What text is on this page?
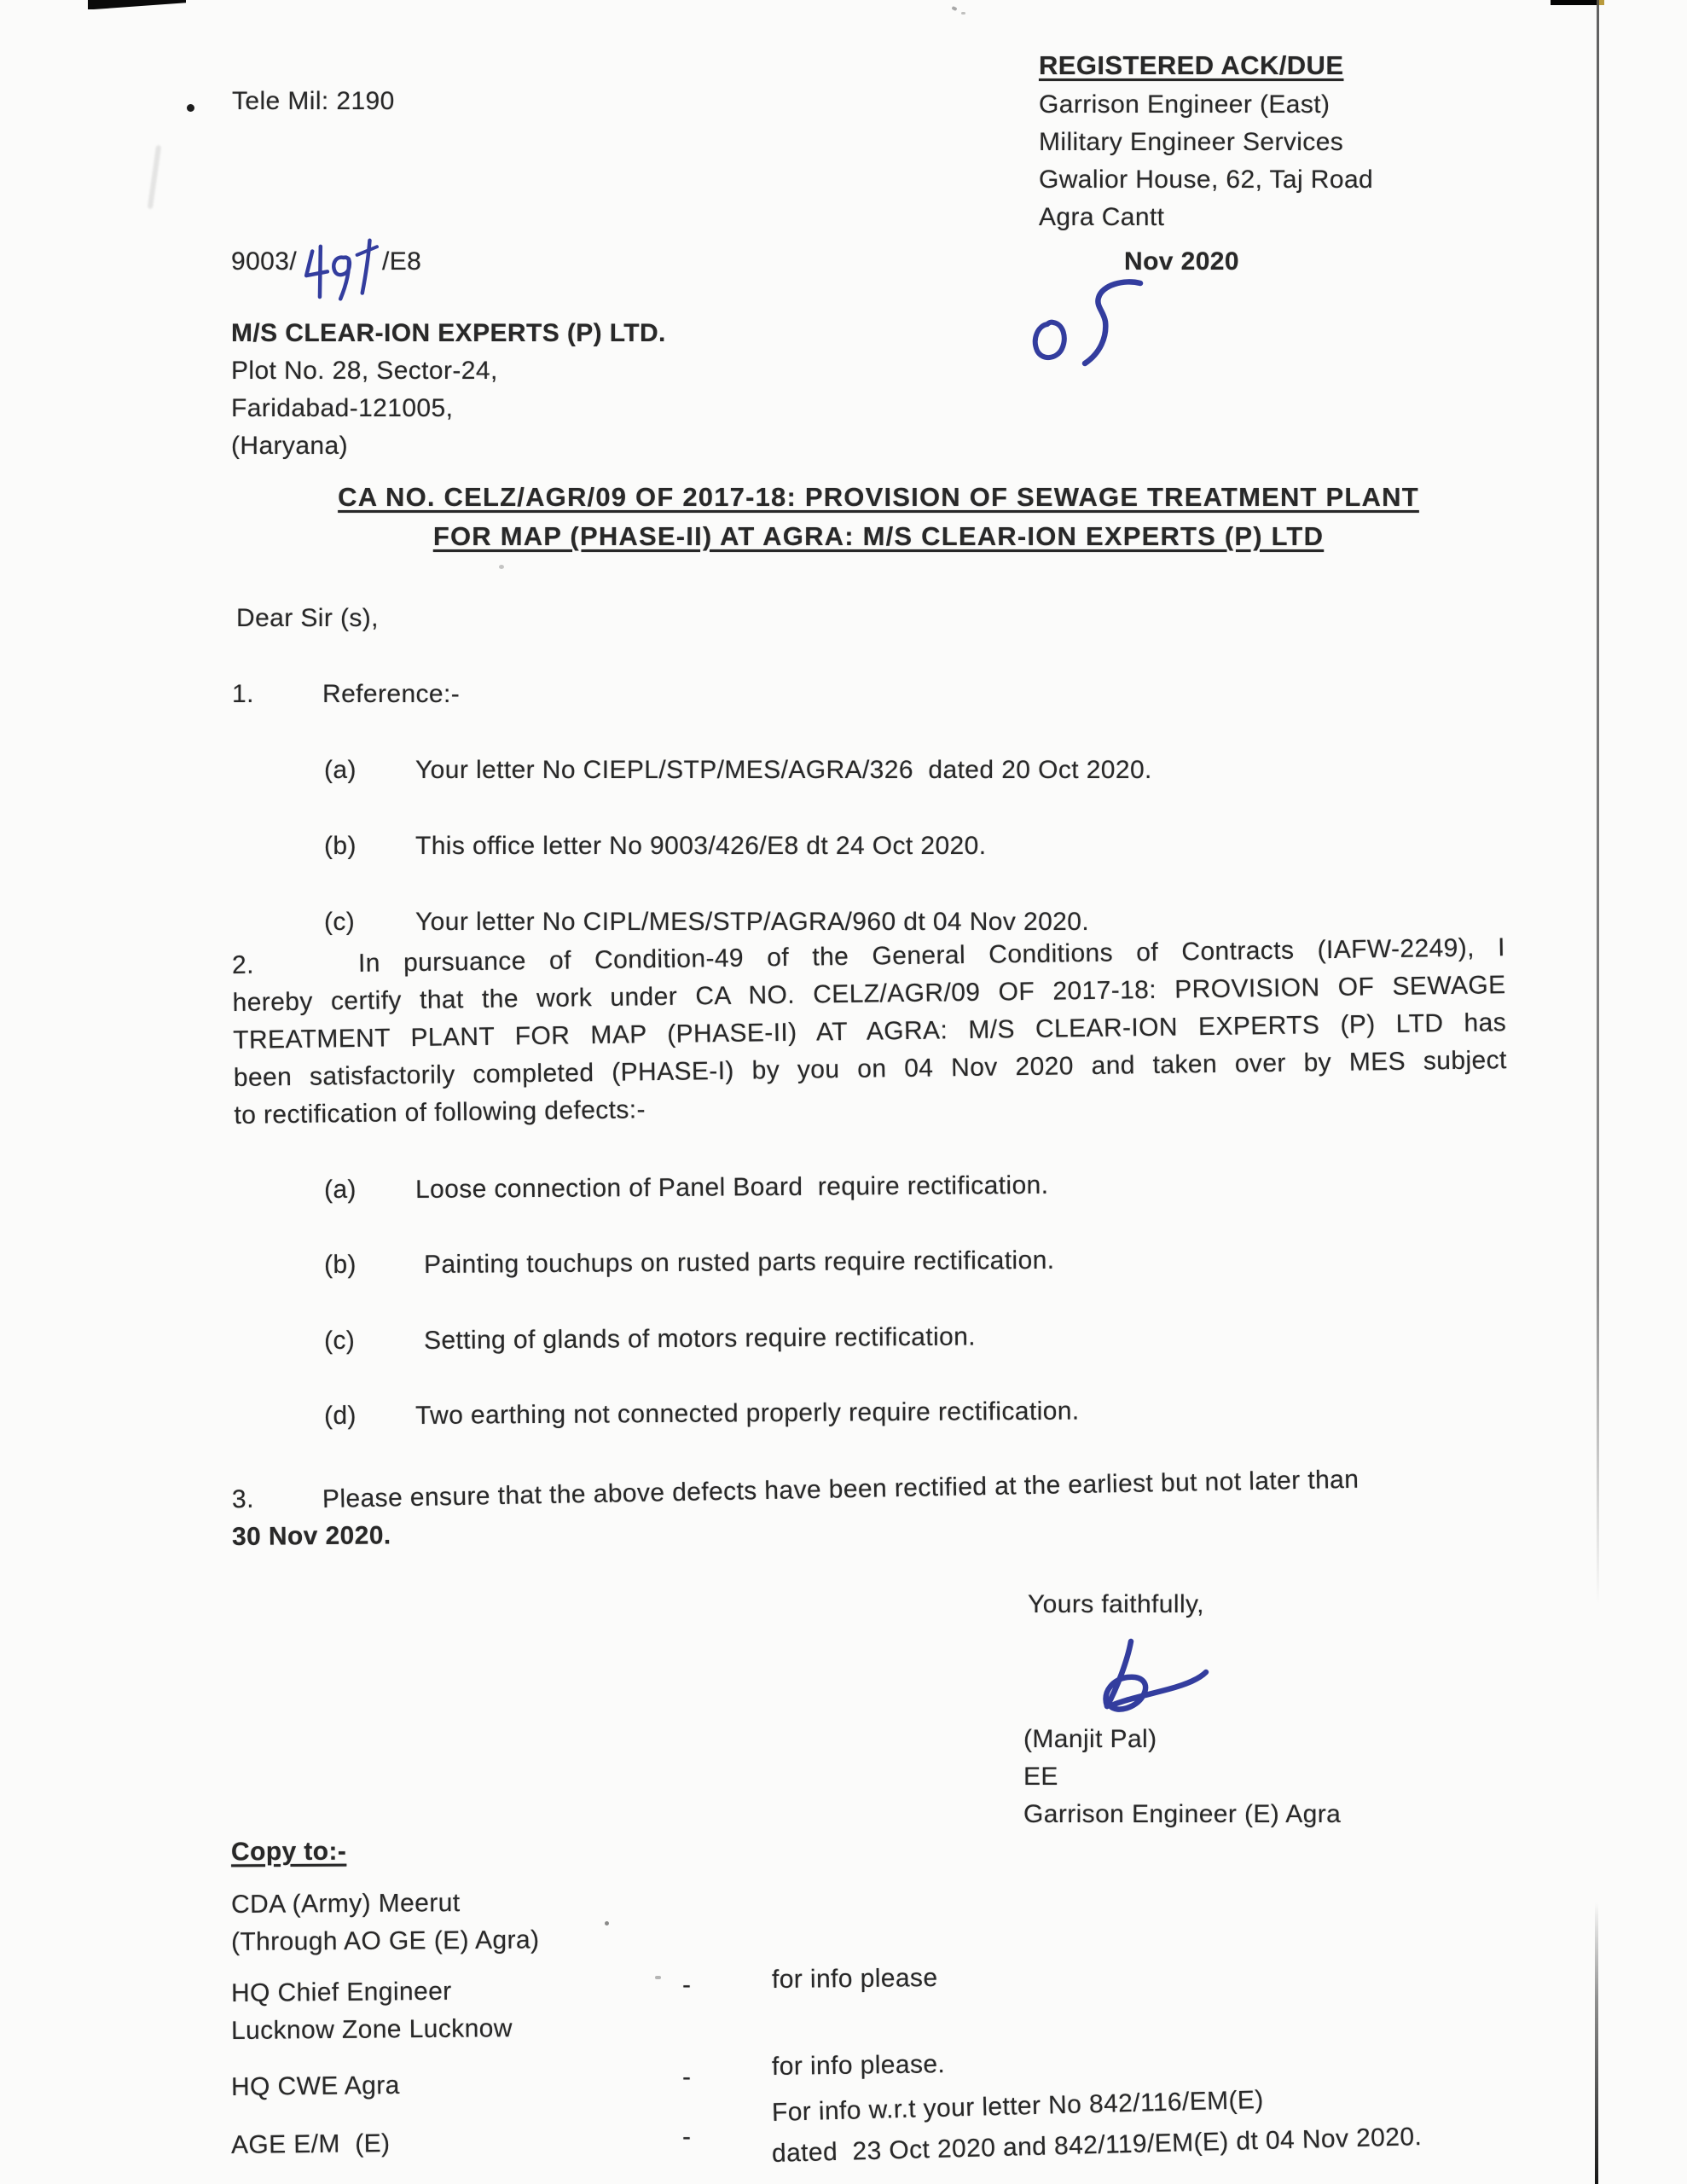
Tele Mil: 2190
REGISTERED ACK/DUE
Garrison Engineer (East)
Military Engineer Services
Gwalior House, 62, Taj Road
Agra Cantt
9003/	/E8	Nov 2020
M/S CLEAR-ION EXPERTS (P) LTD.
Plot No. 28, Sector-24,
Faridabad-121005,
(Haryana)
CA NO. CELZ/AGR/09 OF 2017-18: PROVISION OF SEWAGE TREATMENT PLANT
FOR MAP (PHASE-II) AT AGRA: M/S CLEAR-ION EXPERTS (P) LTD
Dear Sir (s),
1.	Reference:-
(a) Your letter No CIEPL/STP/MES/AGRA/326  dated 20 Oct 2020.
(b) This office letter No 9003/426/E8 dt 24 Oct 2020.
(c) Your letter No CIPL/MES/STP/AGRA/960 dt 04 Nov 2020.
2.	In pursuance of Condition-49 of the General Conditions of Contracts (IAFW-2249), I
hereby certify that the work under CA NO. CELZ/AGR/09 OF 2017-18: PROVISION OF SEWAGE
TREATMENT PLANT FOR MAP (PHASE-II) AT AGRA: M/S CLEAR-ION EXPERTS (P) LTD has
been satisfactorily completed (PHASE-I) by you on 04 Nov 2020 and taken over by MES subject
to rectification of following defects:-
(a) Loose connection of Panel Board  require rectification.
(b)	Painting touchups on rusted parts require rectification.
(c)	Setting of glands of motors require rectification.
(d) Two earthing not connected properly require rectification.
3.	Please ensure that the above defects have been rectified at the earliest but not later than
30 Nov 2020.
Yours faithfully,
(Manjit Pal)
EE
Garrison Engineer (E) Agra
Copy to:-
CDA (Army) Meerut
(Through AO GE (E) Agra)
HQ Chief Engineer	-	for info please
Lucknow Zone Lucknow
HQ CWE Agra	-	for info please.
AGE E/M  (E)	-
For info w.r.t your letter No 842/116/EM(E)
dated  23 Oct 2020 and 842/119/EM(E) dt 04 Nov 2020.
